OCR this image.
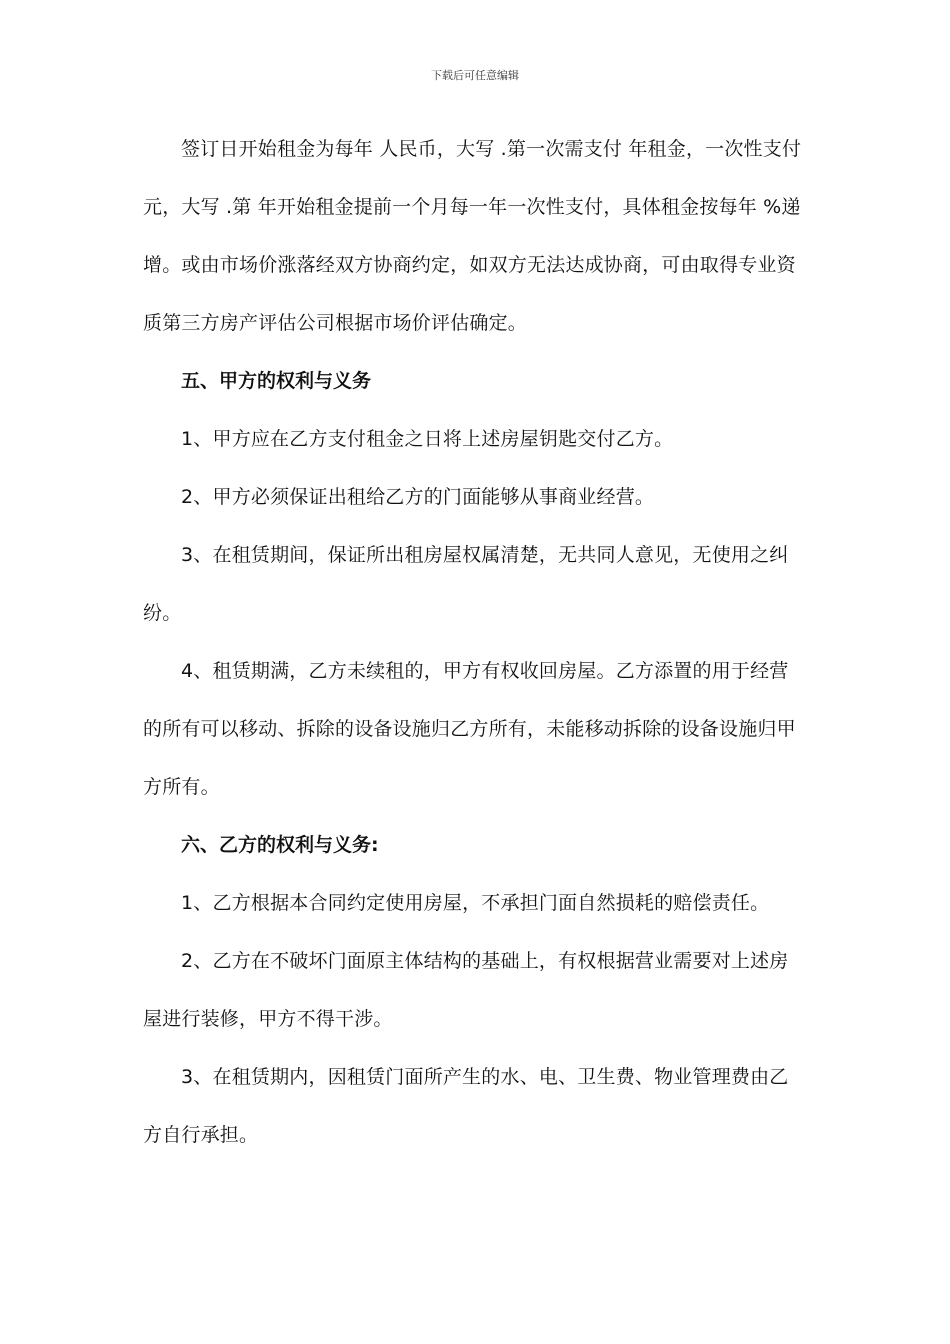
下载后可任意编辑
签订日开始租金为每年 人民币，大写 .第一次需支付 年租金，一次性支付
元，大写 .第 年开始租金提前一个月每一年一次性支付，具体租金按每年 %递
增。或由市场价涨落经双方协商约定，如双方无法达成协商，可由取得专业资
质第三方房产评估公司根据市场价评估确定。
五、甲方的权利与义务
1、甲方应在乙方支付租金之日将上述房屋钥匙交付乙方。
2、甲方必须保证出租给乙方的门面能够从事商业经营。
3、在租赁期间，保证所出租房屋权属清楚，无共同人意见，无使用之纠
纷。
4、租赁期满，乙方未续租的，甲方有权收回房屋。乙方添置的用于经营
的所有可以移动、拆除的设备设施归乙方所有，未能移动拆除的设备设施归甲
方所有。
六、乙方的权利与义务:
1、乙方根据本合同约定使用房屋，不承担门面自然损耗的赔偿责任。
2、乙方在不破坏门面原主体结构的基础上，有权根据营业需要对上述房
屋进行装修，甲方不得干涉。
3、在租赁期内，因租赁门面所产生的水、电、卫生费、物业管理费由乙
方自行承担。
